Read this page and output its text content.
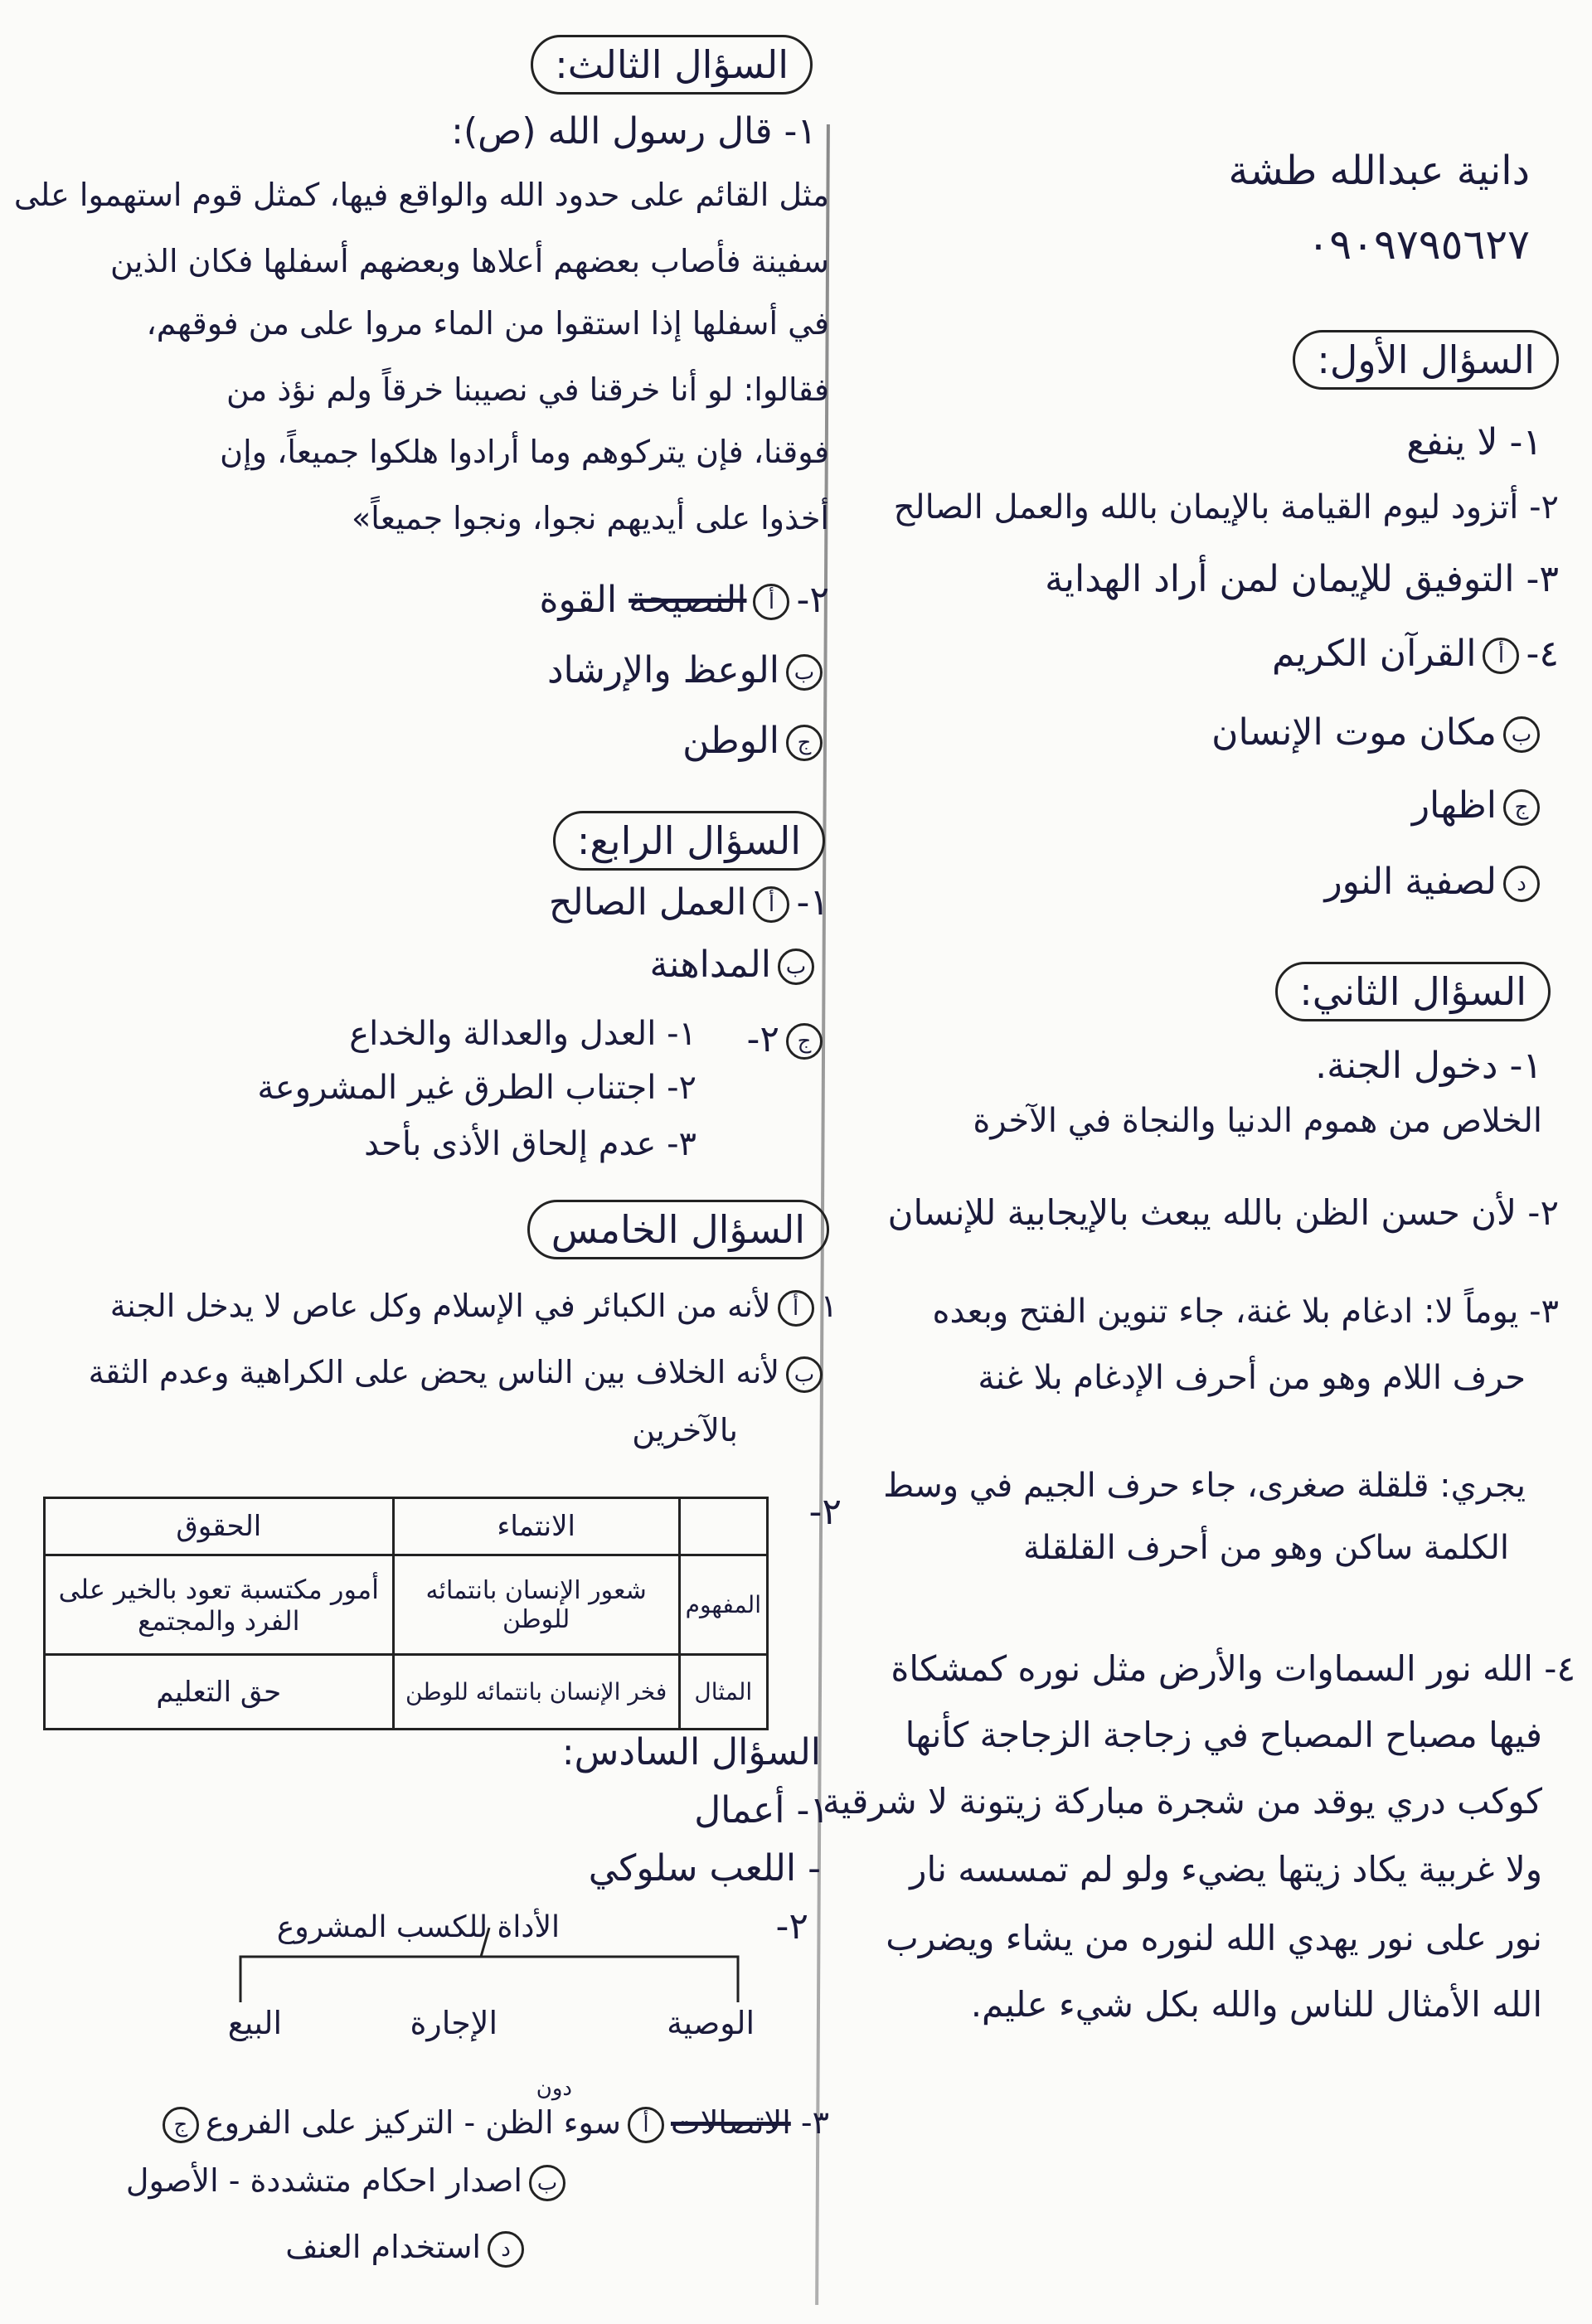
دانية عبدالله طشة
٠٩٠٩٧٩٥٦٢٧
السؤال الأول:
١- لا ينفع
٢- أتزود ليوم القيامة بالإيمان بالله والعمل الصالح
٣- التوفيق للإيمان لمن أراد الهداية
٤-أالقرآن الكريم
بمكان موت الإنسان
جاظهار
دلصفية النور
السؤال الثاني:
١- دخول الجنة.
الخلاص من هموم الدنيا والنجاة في الآخرة
٢- لأن حسن الظن بالله يبعث بالإيجابية للإنسان
٣- يوماً لا: ادغام بلا غنة، جاء تنوين الفتح وبعده
حرف اللام وهو من أحرف الإدغام بلا غنة
يجري: قلقلة صغرى، جاء حرف الجيم في وسط
الكلمة ساكن وهو من أحرف القلقلة
٤- الله نور السماوات والأرض مثل نوره كمشكاة
فيها مصباح المصباح في زجاجة الزجاجة كأنها
كوكب دري يوقد من شجرة مباركة زيتونة لا شرقية
ولا غربية يكاد زيتها يضيء ولو لم تمسسه نار
نور على نور يهدي الله لنوره من يشاء ويضرب
الله الأمثال للناس والله بكل شيء عليم.
السؤال الثالث:
١- قال رسول الله (ص):
مثل القائم على حدود الله والواقع فيها، كمثل قوم استهموا على
سفينة فأصاب بعضهم أعلاها وبعضهم أسفلها فكان الذين
في أسفلها إذا استقوا من الماء مروا على من فوقهم،
فقالوا: لو أنا خرقنا في نصيبنا خرقاً ولم نؤذ من
فوقنا، فإن يتركوهم وما أرادوا هلكوا جميعاً، وإن
أخذوا على أيديهم نجوا، ونجوا جميعاً»
٢-أالنصيحة القوة
بالوعظ والإرشاد
جالوطن
السؤال الرابع:
١-أالعمل الصالح
بالمداهنة
ج٢-
١- العدل والعدالة والخداع
٢- اجتناب الطرق غير المشروعة
٣- عدم إلحاق الأذى بأحد
السؤال الخامس
١ألأنه من الكبائر في الإسلام وكل عاص لا يدخل الجنة
بلأنه الخلاف بين الناس يحض على الكراهية وعدم الثقة
بالآخرين
٢-
	الانتماء	الحقوق
المفهوم	شعور الإنسان بانتمائه للوطن	أمور مكتسبة تعود بالخير على الفرد والمجتمع
المثال	فخر الإنسان بانتمائه للوطن	حق التعليم
السؤال السادس:
١- أعمال
- اللعب سلوكي
٢-
الأداة للكسب المشروع
البيع	الإجارة	الوصية
٣- الاتصالاتأسوء الظن - التركيز على الفروعج
دون
باصدار احكام متشددة - الأصول
داستخدام العنف
